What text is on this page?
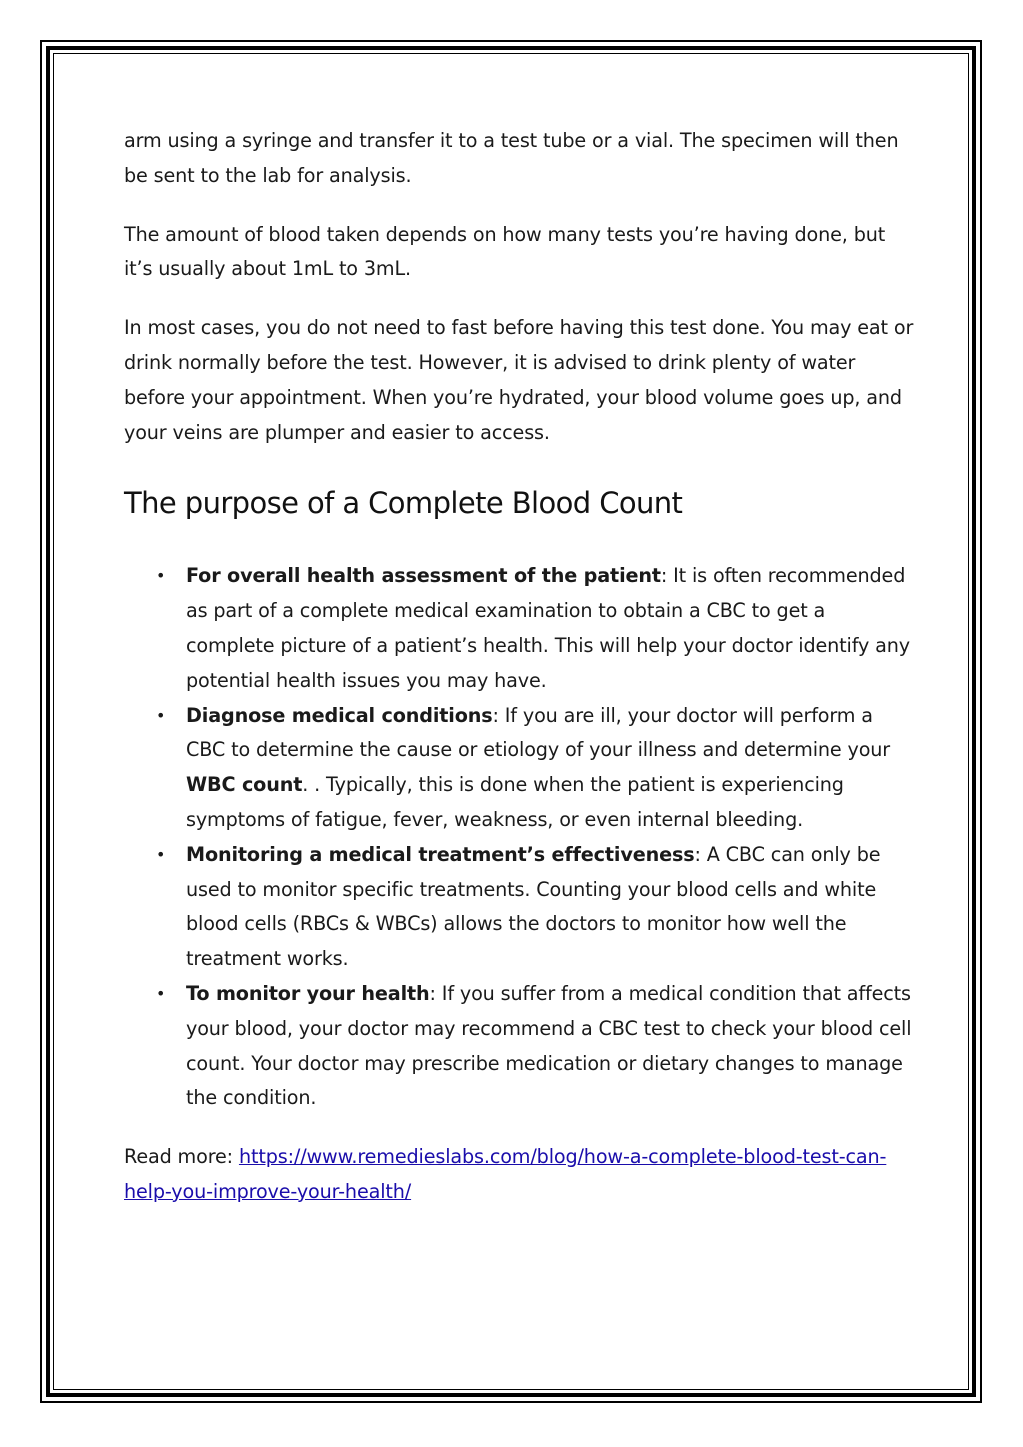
arm using a syringe and transfer it to a test tube or a vial. The specimen will then be sent to the lab for analysis.

The amount of blood taken depends on how many tests you’re having done, but it’s usually about 1mL to 3mL.

In most cases, you do not need to fast before having this test done. You may eat or drink normally before the test. However, it is advised to drink plenty of water before your appointment. When you’re hydrated, your blood volume goes up, and your veins are plumper and easier to access.

The purpose of a Complete Blood Count
• For overall health assessment of the patient: It is often recommended as part of a complete medical examination to obtain a CBC to get a complete picture of a patient’s health. This will help your doctor identify any potential health issues you may have.
• Diagnose medical conditions: If you are ill, your doctor will perform a CBC to determine the cause or etiology of your illness and determine your WBC count. . Typically, this is done when the patient is experiencing symptoms of fatigue, fever, weakness, or even internal bleeding.
• Monitoring a medical treatment’s effectiveness: A CBC can only be used to monitor specific treatments. Counting your blood cells and white blood cells (RBCs & WBCs) allows the doctors to monitor how well the treatment works.
• To monitor your health: If you suffer from a medical condition that affects your blood, your doctor may recommend a CBC test to check your blood cell count. Your doctor may prescribe medication or dietary changes to manage the condition.

Read more: https://www.remedieslabs.com/blog/how-a-complete-blood-test-can-help-you-improve-your-health/
